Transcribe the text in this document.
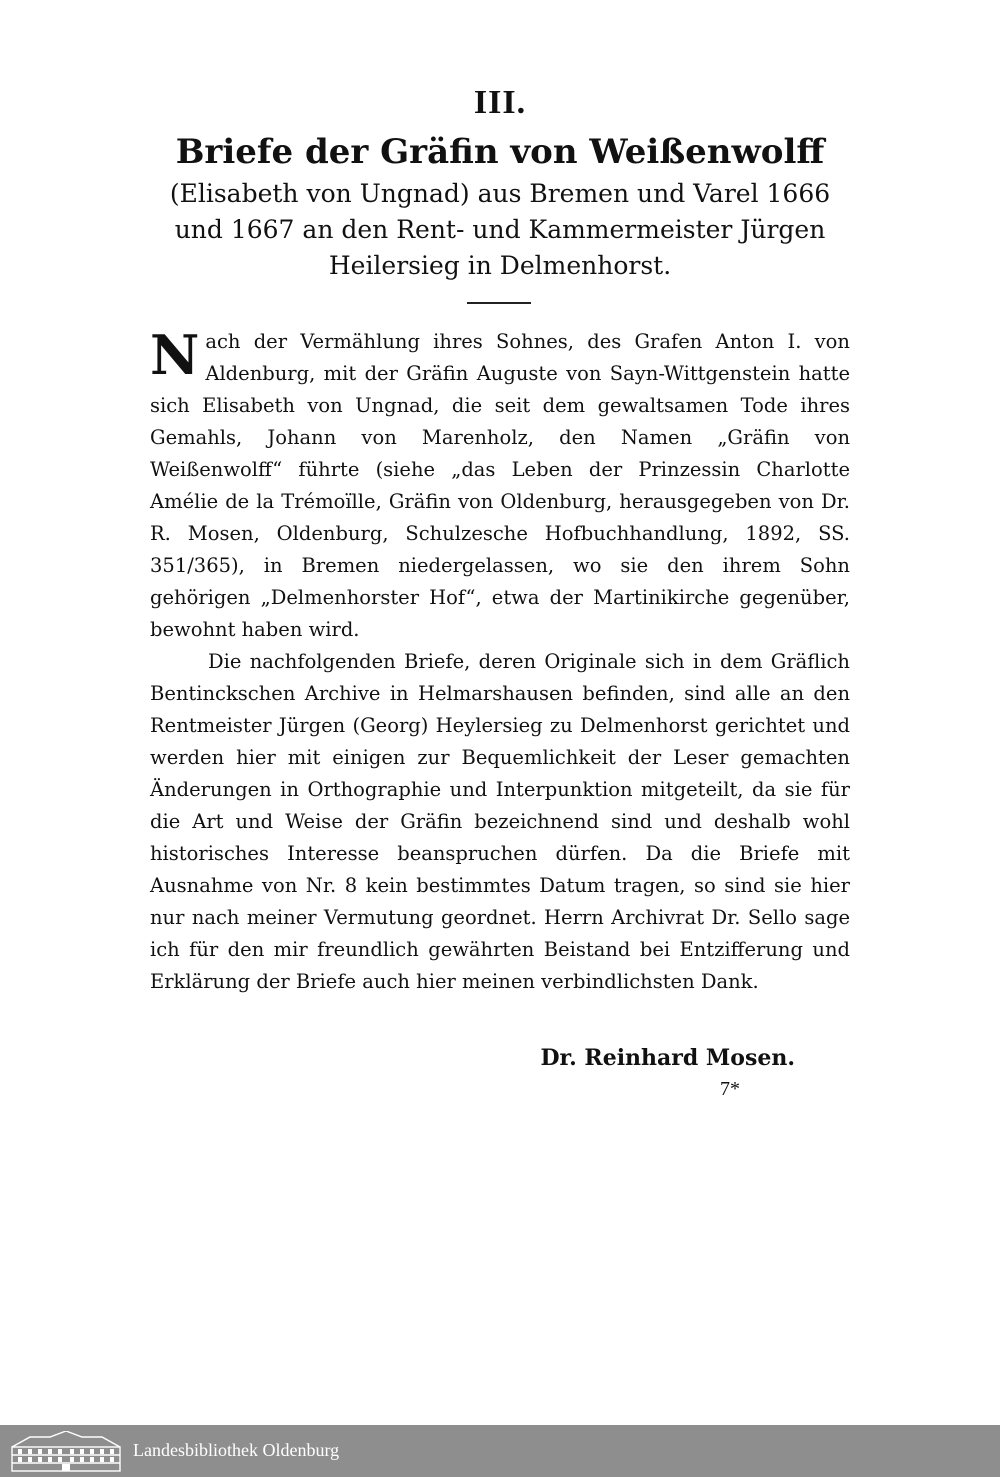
III.
Briefe der Gräfin von Weißenwolff
(Elisabeth von Ungnad) aus Bremen und Varel 1666
und 1667 an den Rent- und Kammermeister Jürgen
Heilersieg in Delmenhorst.

Nach der Vermählung ihres Sohnes, des Grafen Anton I. von Aldenburg, mit der Gräfin Auguste von Sayn-Wittgenstein hatte sich Elisabeth von Ungnad, die seit dem gewaltsamen Tode ihres Gemahls, Johann von Marenholz, den Namen „Gräfin von Weißenwolff“ führte (siehe „das Leben der Prinzessin Charlotte Amélie de la Trémoïlle, Gräfin von Oldenburg, herausgegeben von Dr. R. Mosen, Oldenburg, Schulzesche Hofbuchhandlung, 1892, SS. 351/365), in Bremen niedergelassen, wo sie den ihrem Sohn gehörigen „Delmenhorster Hof“, etwa der Martinikirche gegenüber, bewohnt haben wird.

Die nachfolgenden Briefe, deren Originale sich in dem Gräflich Bentinckschen Archive in Helmarshausen befinden, sind alle an den Rentmeister Jürgen (Georg) Heylersieg zu Delmenhorst gerichtet und werden hier mit einigen zur Bequemlichkeit der Leser gemachten Änderungen in Orthographie und Interpunktion mitgeteilt, da sie für die Art und Weise der Gräfin bezeichnend sind und deshalb wohl historisches Interesse beanspruchen dürfen. Da die Briefe mit Ausnahme von Nr. 8 kein bestimmtes Datum tragen, so sind sie hier nur nach meiner Vermutung geordnet. Herrn Archivrat Dr. Sello sage ich für den mir freundlich gewährten Beistand bei Entzifferung und Erklärung der Briefe auch hier meinen verbindlichsten Dank.

Dr. Reinhard Mosen.
7*
Landesbibliothek Oldenburg
